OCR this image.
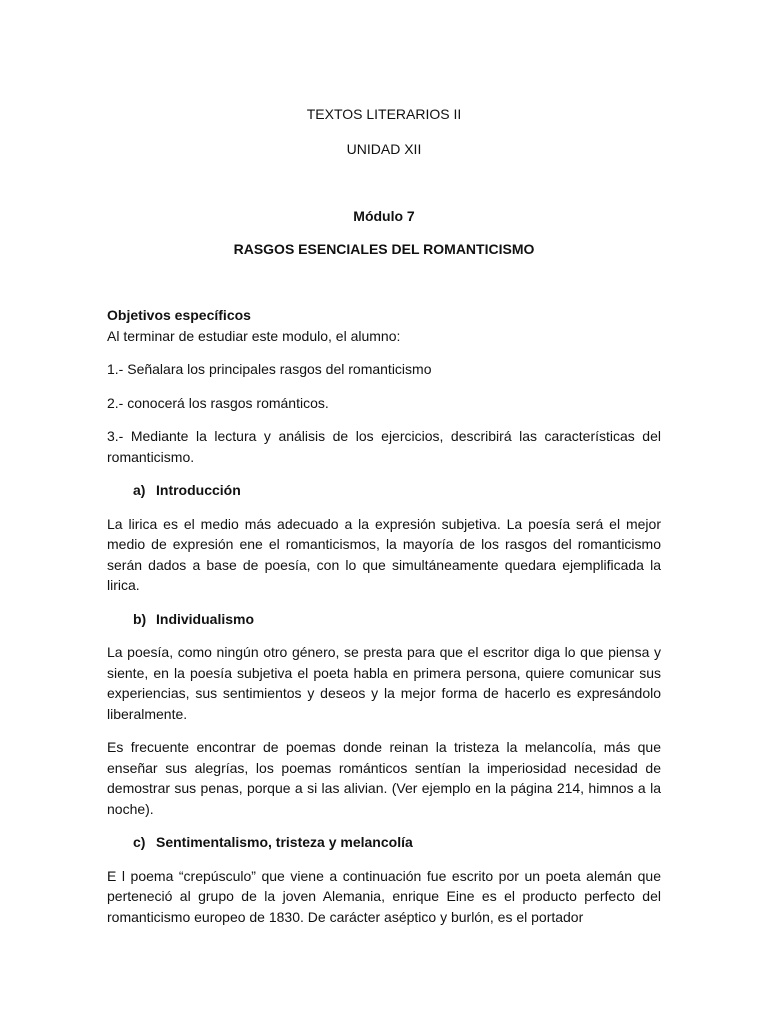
TEXTOS LITERARIOS II
UNIDAD XII
Módulo 7
RASGOS ESENCIALES DEL ROMANTICISMO
Objetivos específicos

Al terminar de estudiar este modulo, el alumno:

1.- Señalara los principales rasgos del romanticismo

2.- conocerá los rasgos románticos.

3.- Mediante la lectura y análisis de los ejercicios, describirá las características del romanticismo.

a) Introducción

La lirica es el medio más adecuado a la expresión subjetiva. La poesía será el mejor medio de expresión ene el romanticismos, la mayoría de los rasgos del romanticismo serán dados a base de poesía, con lo que simultáneamente quedara ejemplificada la lirica.

b) Individualismo

La poesía, como ningún otro género, se presta para que el escritor diga lo que piensa y siente, en la poesía subjetiva el poeta habla en primera persona, quiere comunicar sus experiencias, sus sentimientos y deseos y la mejor forma de hacerlo es expresándolo liberalmente.

Es frecuente encontrar de poemas donde reinan la tristeza la melancolía, más que enseñar sus alegrías, los poemas románticos sentían la imperiosidad necesidad de demostrar sus penas, porque a si las alivian. (Ver ejemplo en la página 214, himnos a la noche).

c) Sentimentalismo, tristeza y melancolía

E l poema “crepúsculo” que viene a continuación fue escrito por un poeta alemán que perteneció al grupo de la joven Alemania, enrique Eine es el producto perfecto del romanticismo europeo de 1830. De carácter aséptico y burlón, es el portador
